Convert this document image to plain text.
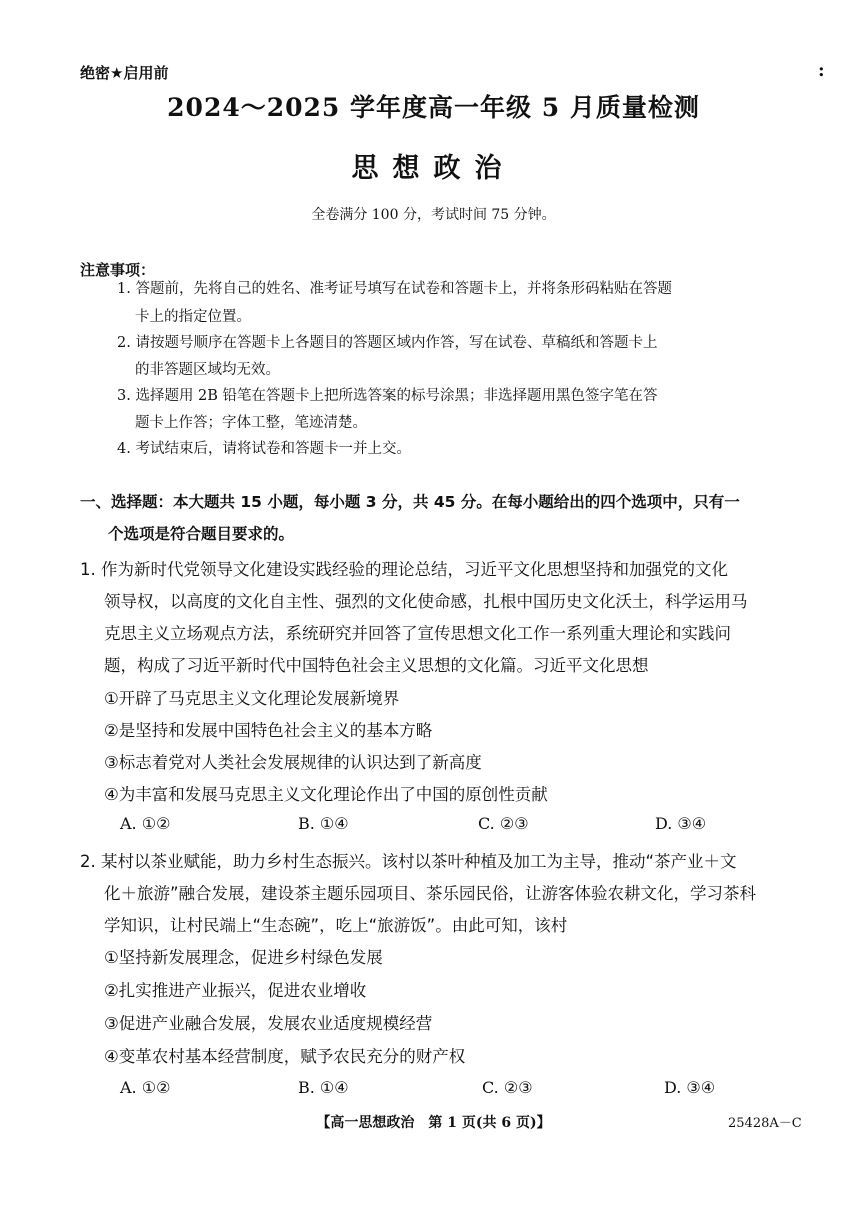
绝密★启用前	:
2024～2025 学年度高一年级 5 月质量检测
思想政治
全卷满分 100 分，考试时间 75 分钟。
注意事项：
1. 答题前，先将自己的姓名、准考证号填写在试卷和答题卡上，并将条形码粘贴在答题
卡上的指定位置。
2. 请按题号顺序在答题卡上各题目的答题区域内作答，写在试卷、草稿纸和答题卡上
的非答题区域均无效。
3. 选择题用 2B 铅笔在答题卡上把所选答案的标号涂黑；非选择题用黑色签字笔在答
题卡上作答；字体工整，笔迹清楚。
4. 考试结束后，请将试卷和答题卡一并上交。
一、选择题：本大题共 15 小题，每小题 3 分，共 45 分。在每小题给出的四个选项中，只有一
个选项是符合题目要求的。
1. 作为新时代党领导文化建设实践经验的理论总结，习近平文化思想坚持和加强党的文化
领导权，以高度的文化自主性、强烈的文化使命感，扎根中国历史文化沃土，科学运用马
克思主义立场观点方法，系统研究并回答了宣传思想文化工作一系列重大理论和实践问
题，构成了习近平新时代中国特色社会主义思想的文化篇。习近平文化思想
①开辟了马克思主义文化理论发展新境界
②是坚持和发展中国特色社会主义的基本方略
③标志着党对人类社会发展规律的认识达到了新高度
④为丰富和发展马克思主义文化理论作出了中国的原创性贡献
A. ①②	B. ①④	C. ②③	D. ③④
2. 某村以茶业赋能，助力乡村生态振兴。该村以茶叶种植及加工为主导，推动“茶产业＋文
化＋旅游”融合发展，建设茶主题乐园项目、茶乐园民俗，让游客体验农耕文化，学习茶科
学知识，让村民端上“生态碗”，吃上“旅游饭”。由此可知，该村
①坚持新发展理念，促进乡村绿色发展
②扎实推进产业振兴，促进农业增收
③促进产业融合发展，发展农业适度规模经营
④变革农村基本经营制度，赋予农民充分的财产权
A. ①②	B. ①④	C. ②③	D. ③④
【高一思想政治　第 1 页(共 6 页)】	25428A－C
